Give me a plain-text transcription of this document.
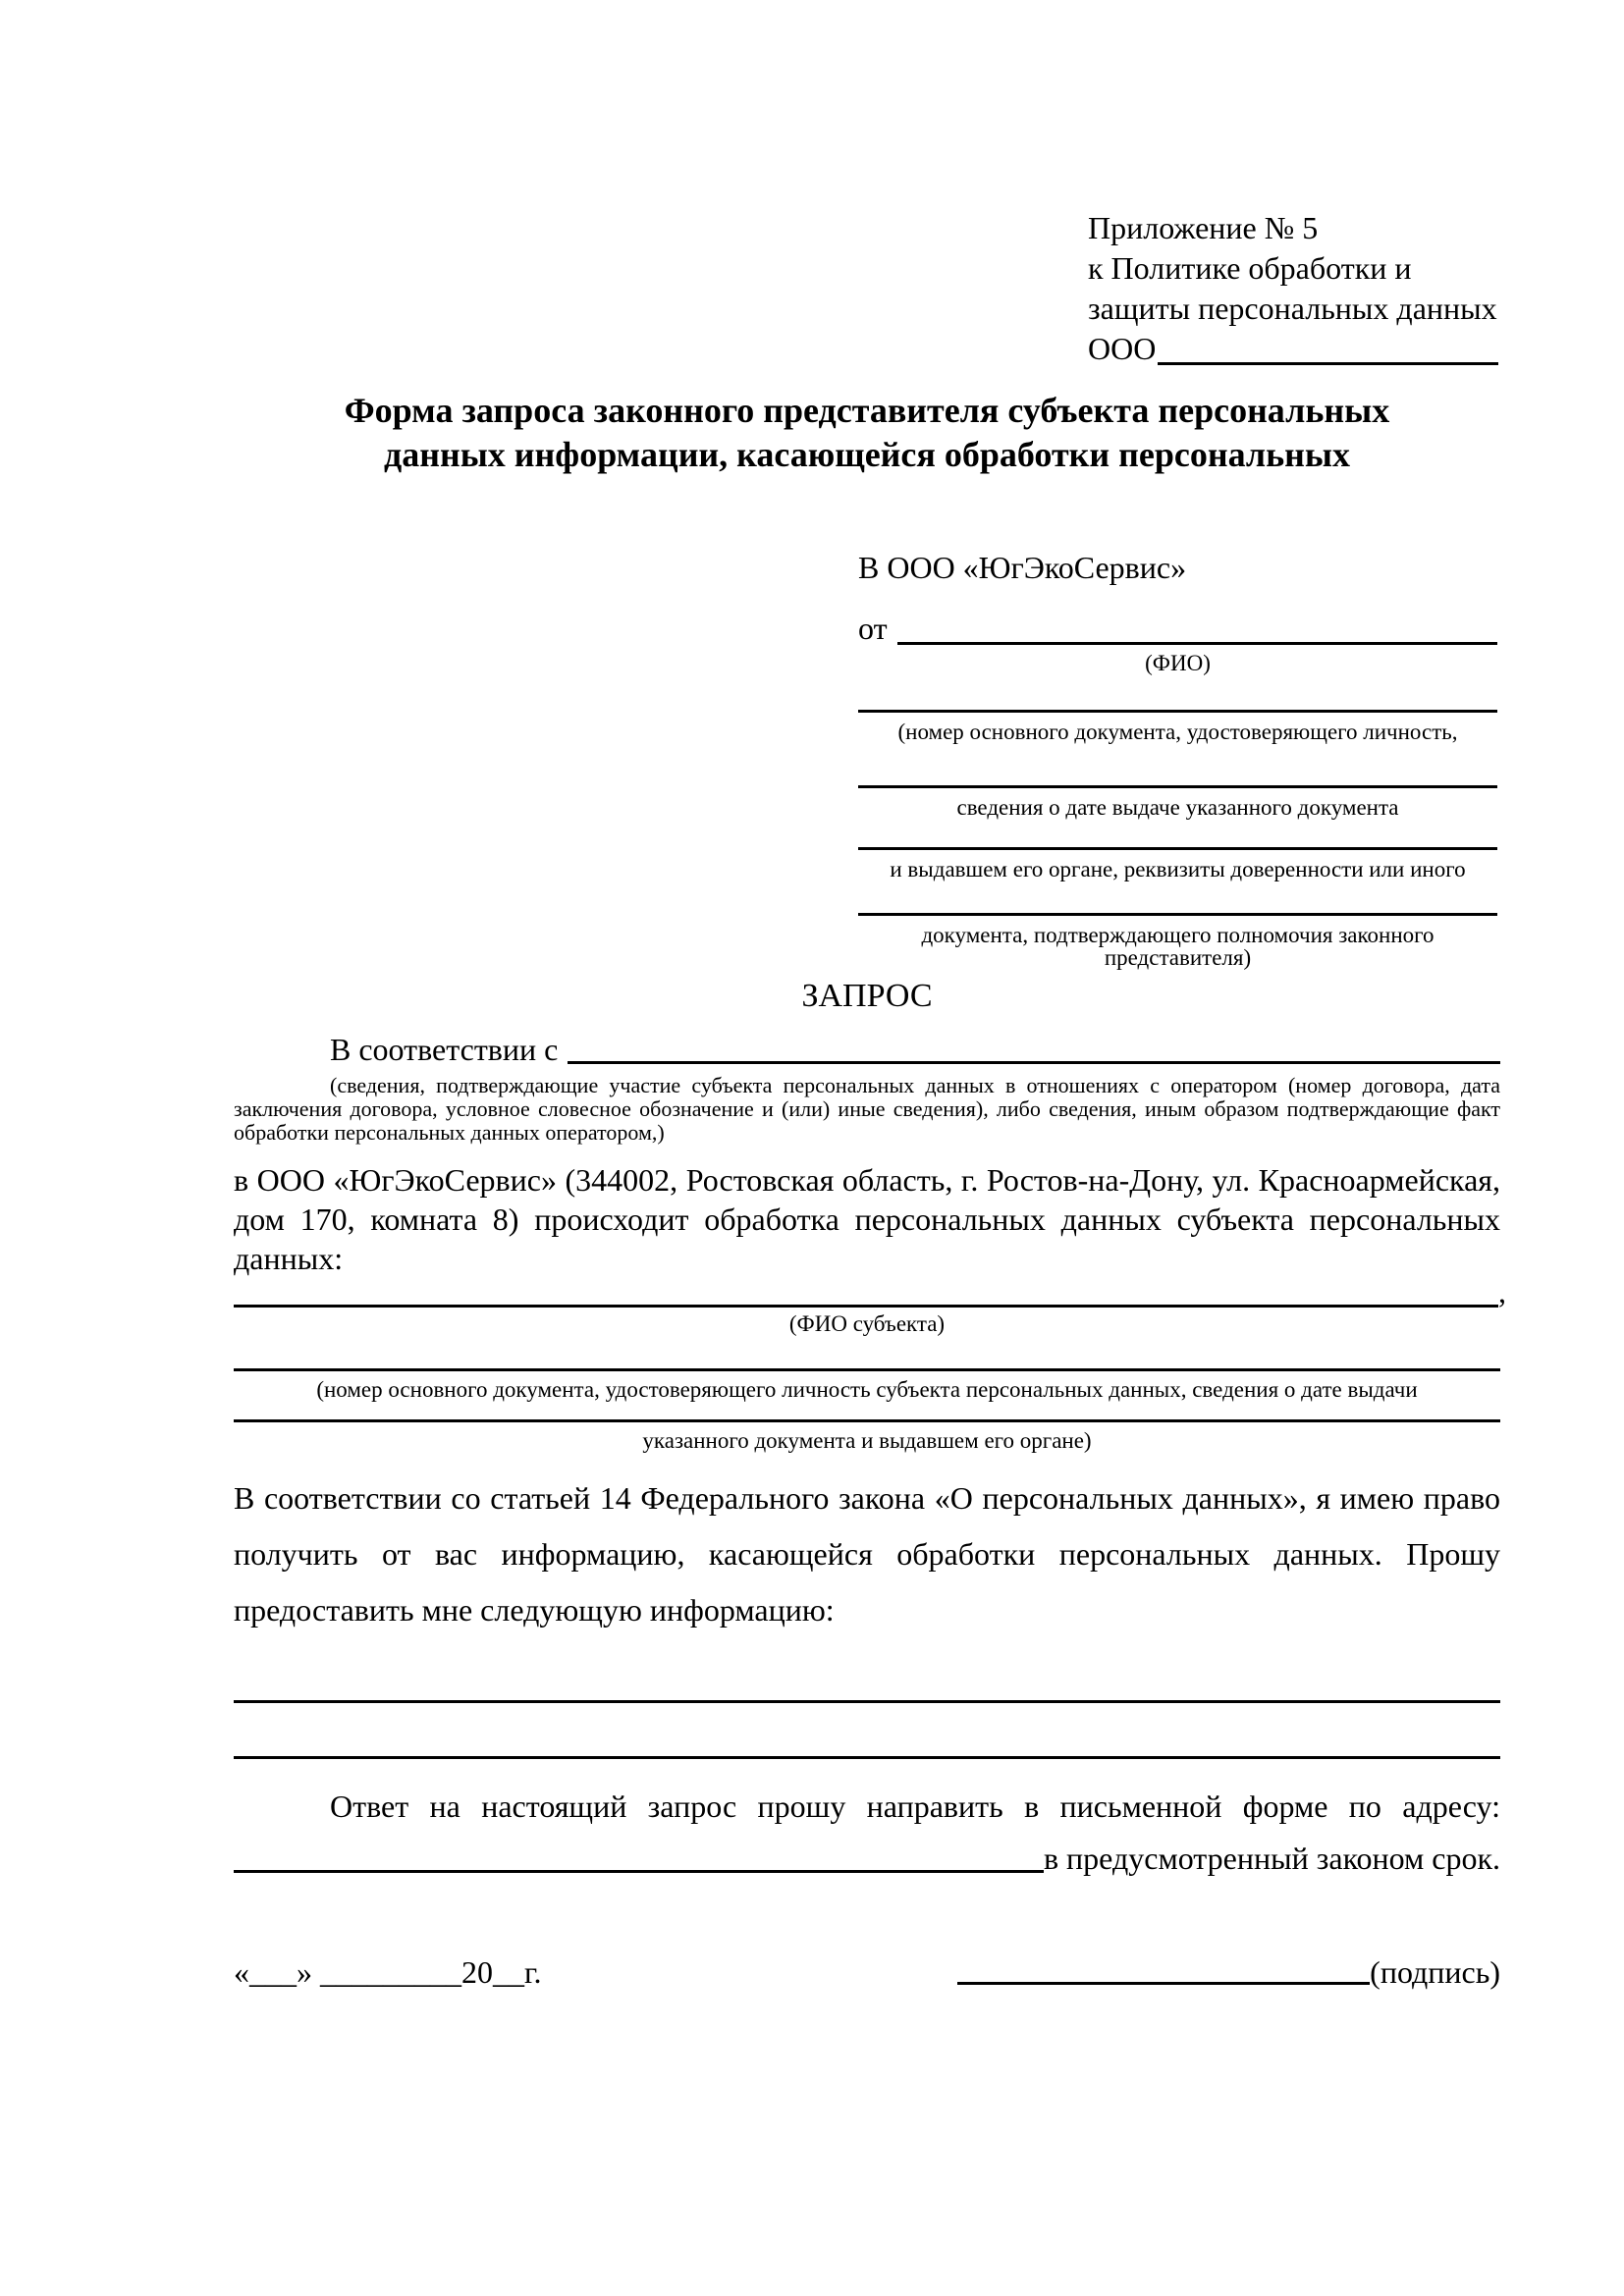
Приложение № 5
к Политике обработки и
защиты персональных данных
ООО
Форма запроса законного представителя субъекта персональных
данных информации, касающейся обработки персональных
В ООО «ЮгЭкоСервис»
от
(ФИО)
(номер основного документа, удостоверяющего личность,
сведения о дате выдаче указанного документа
и выдавшем его органе, реквизиты доверенности или иного
документа, подтверждающего полномочия законного представителя)
ЗАПРОС
В соответствии с
(сведения, подтверждающие участие субъекта персональных данных в отношениях с оператором (номер договора, дата заключения договора, условное словесное обозначение и (или) иные сведения), либо сведения, иным образом подтверждающие факт обработки персональных данных оператором,)
в ООО «ЮгЭкоСервис» (344002, Ростовская область, г. Ростов-на-Дону, ул. Красноармейская, дом 170, комната 8) происходит обработка персональных данных субъекта персональных данных:
,
(ФИО субъекта)
(номер основного документа, удостоверяющего личность субъекта персональных данных, сведения о дате выдачи
указанного документа и выдавшем его органе)
В соответствии со статьей 14 Федерального закона «О персональных данных», я имею право получить от вас информацию, касающейся обработки персональных данных. Прошу предоставить мне следующую информацию:
Ответ на настоящий запрос прошу направить в письменной форме по адресу:
в предусмотренный законом срок.
«___» _________20__г.	(подпись)
